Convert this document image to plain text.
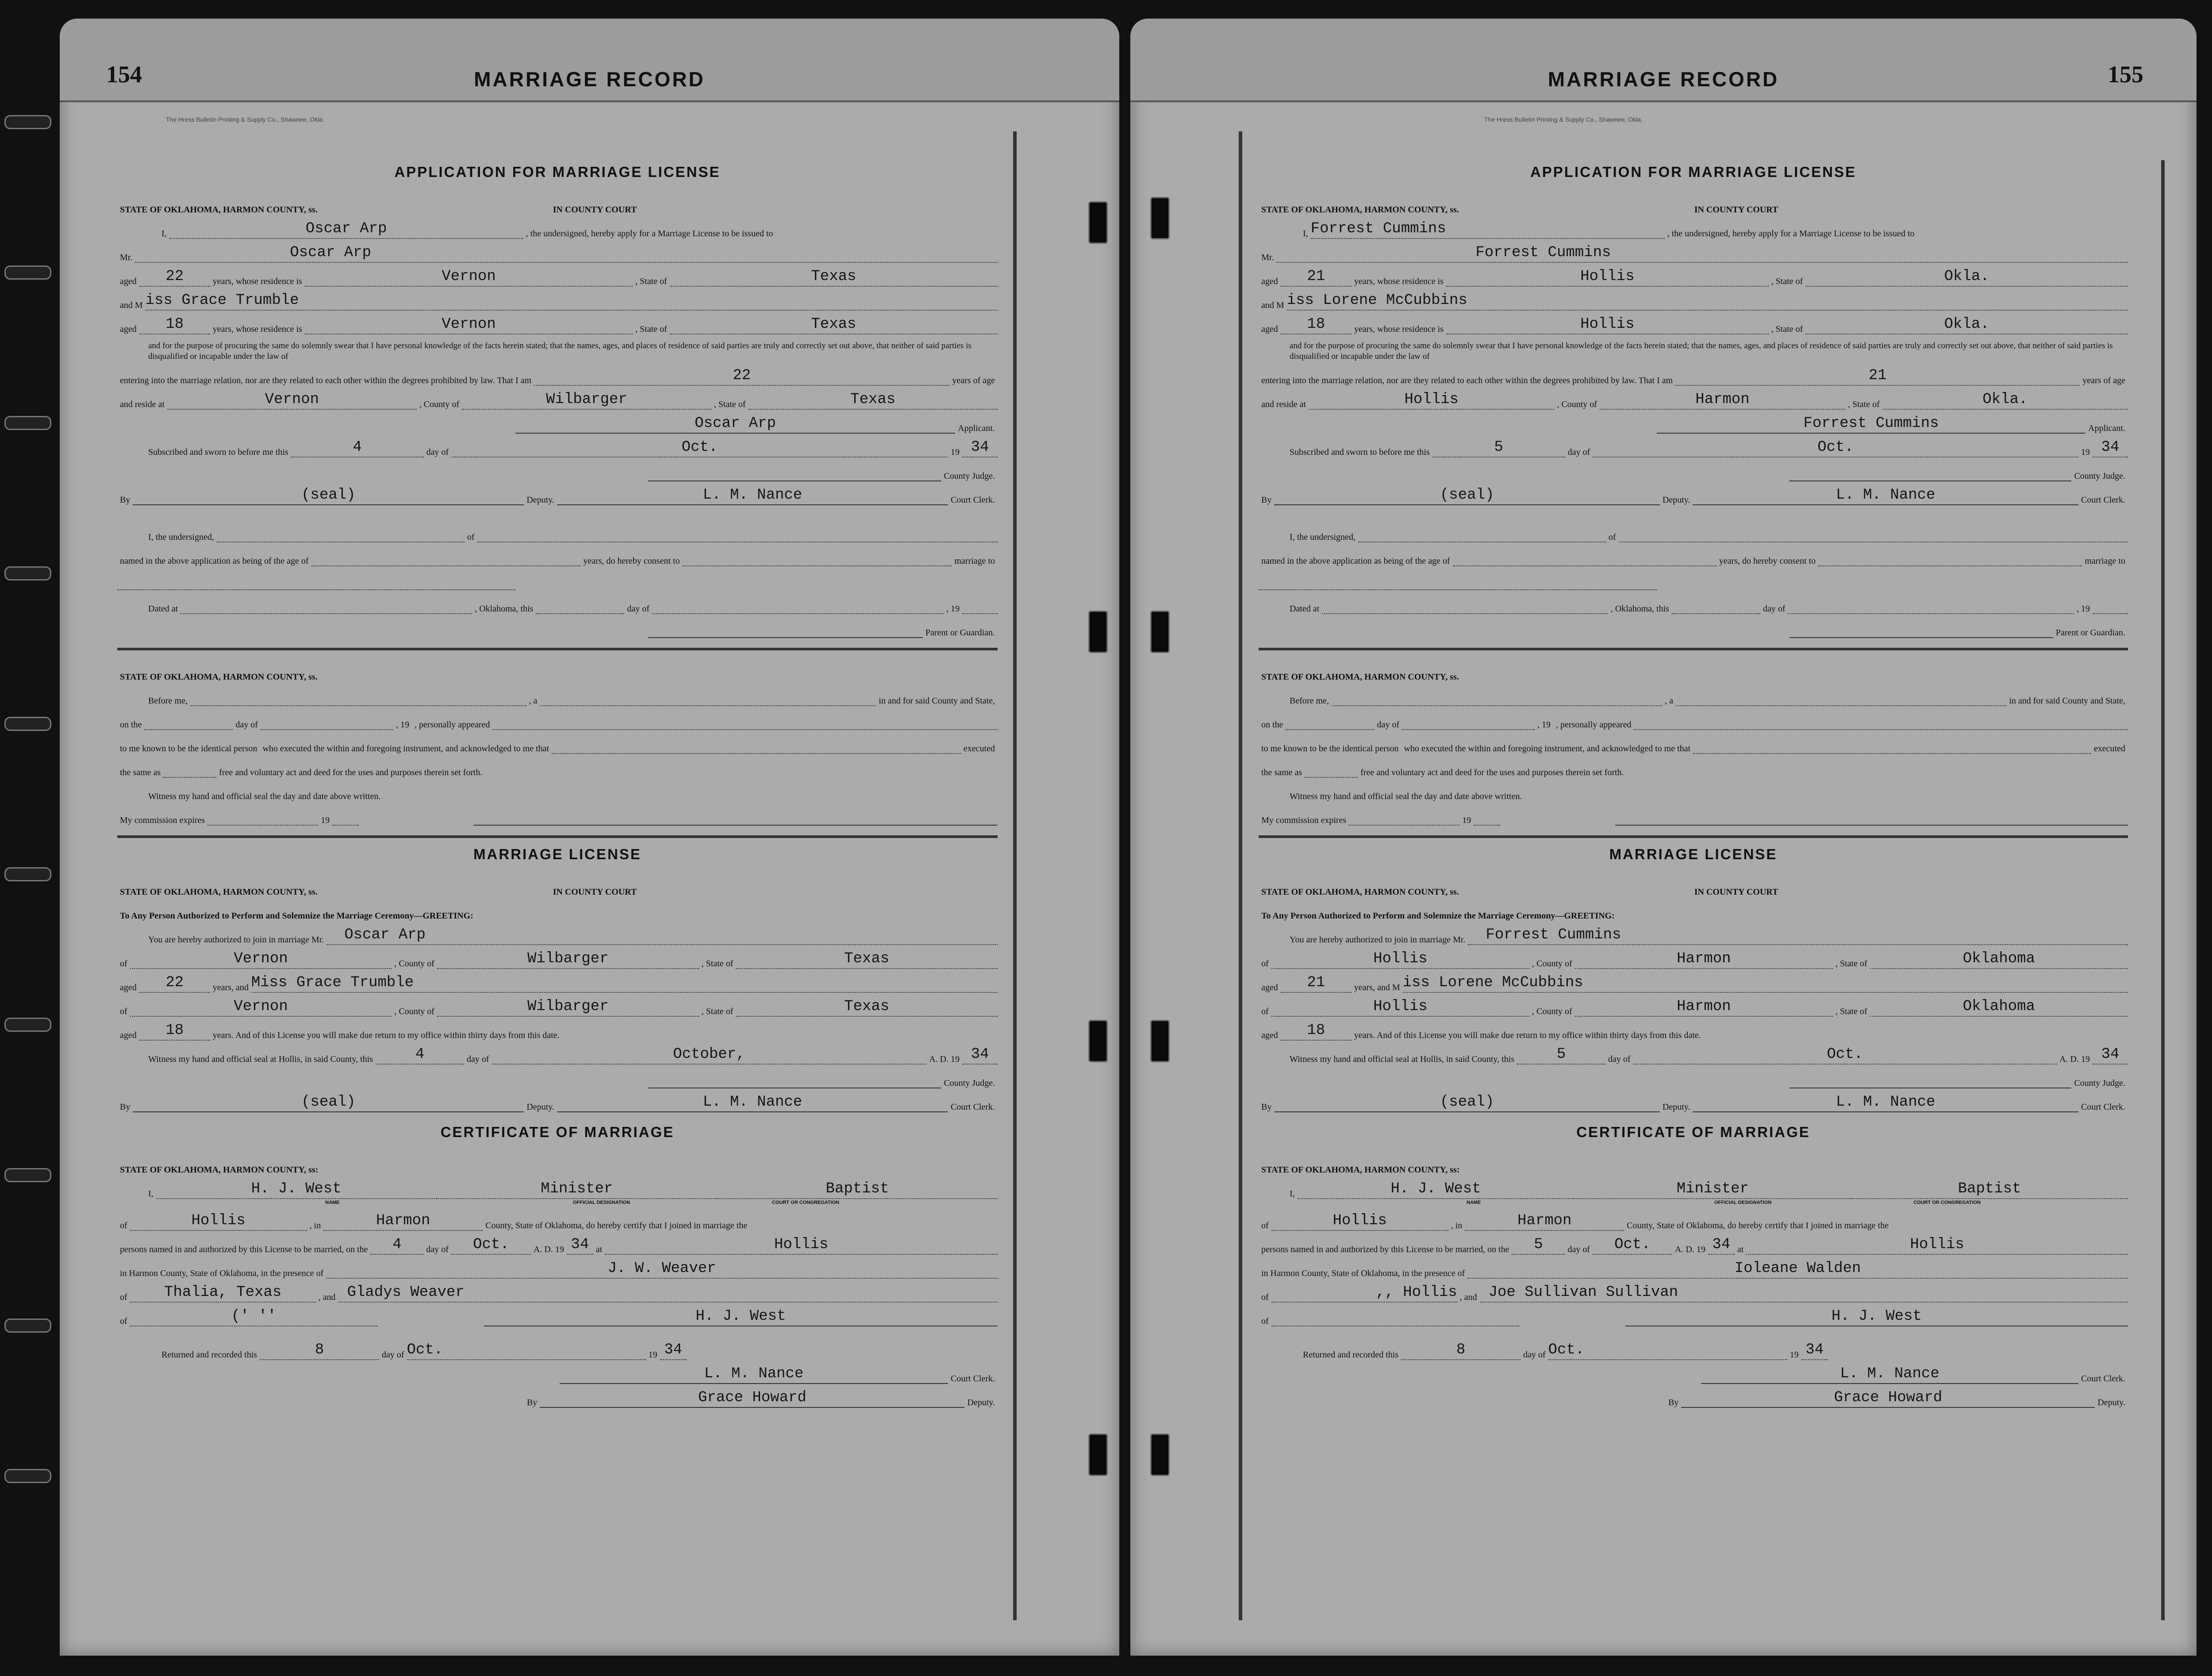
154	MARRIAGE RECORD
The Hress Bulletin Printing & Supply Co., Shawnee, Okla.
155
MARRIAGE RECORD
The Hress Bulletin Printing & Supply Co., Shawnee, Okla.
APPLICATION FOR MARRIAGE LICENSE
STATE OF OKLAHOMA, HARMON COUNTY, ss.	IN COUNTY COURT
I,	Oscar Arp	, the undersigned, hereby apply for a Marriage License to be issued to
Mr.	Oscar Arp
aged	22	years, whose residence is	Vernon	, State of	Texas
and M iss Grace Trumble
aged	18	years, whose residence is	Vernon	, State of	Texas
and for the purpose of procuring the same do solemnly swear that I have personal knowledge of the facts herein stated; that the names, ages, and places of residence of said parties are truly and correctly set out above, that neither of said parties is disqualified or incapable under the law of
entering into the marriage relation, nor are they related to each other within the degrees prohibited by law. That I am	22	years of age
and reside at	Vernon	, County of	Wilbarger	, State of	Texas
Oscar Arp	Applicant.
Subscribed and sworn to before me this	4	day of	Oct.	19 34
County Judge.
By	(seal)	Deputy.	L. M. Nance	Court Clerk.
I, the undersigned,	of
named in the above application as being of the age of	years, do hereby consent to	marriage to
Dated at	, Oklahoma, this	day of	, 19
Parent or Guardian.
STATE OF OKLAHOMA, HARMON COUNTY, ss.
Before me,	, a	in and for said County and State,
on the	day of	, 19 , personally appeared
to me known to be the identical person who executed the within and foregoing instrument, and acknowledged to me that	executed
the same as	free and voluntary act and deed for the uses and purposes therein set forth.
Witness my hand and official seal the day and date above written.
My commission expires	19
MARRIAGE LICENSE
STATE OF OKLAHOMA, HARMON COUNTY, ss.	IN COUNTY COURT
To Any Person Authorized to Perform and Solemnize the Marriage Ceremony—GREETING:
You are hereby authorized to join in marriage Mr.	Oscar Arp
of	Vernon	, County of	Wilbarger	, State of	Texas
aged	22	years, and Miss Grace Trumble
of	Vernon	, County of	Wilbarger	, State of	Texas
aged	18	years. And of this License you will make due return to my office within thirty days from this date.
Witness my hand and official seal at Hollis, in said County, this	4	day of	October,	A. D. 19 34
County Judge.
By	(seal)	Deputy.	L. M. Nance	Court Clerk.
CERTIFICATE OF MARRIAGE
STATE OF OKLAHOMA, HARMON COUNTY, ss:
I,	H. J. West	Minister	Baptist
NAME	OFFICIAL DESIGNATION	COURT OR CONGREGATION
of	Hollis	, in	Harmon	County, State of Oklahoma, do hereby certify that I joined in marriage the
persons named in and authorized by this License to be married, on the	4	day of	Oct.	A. D. 19 34 at	Hollis
in Harmon County, State of Oklahoma, in the presence of	J. W. Weaver
of	Thalia, Texas	, and Gladys Weaver
of	(' ''	H. J. West
Returned and recorded this	8	day of Oct.	19 34
L. M. Nance	Court Clerk.
By	Grace Howard	Deputy.
APPLICATION FOR MARRIAGE LICENSE
STATE OF OKLAHOMA, HARMON COUNTY, ss.	IN COUNTY COURT
I, Forrest Cummins	, the undersigned, hereby apply for a Marriage License to be issued to
Mr.	Forrest Cummins
aged	21	years, whose residence is	Hollis	, State of	Okla.
and M iss Lorene McCubbins
aged	18	years, whose residence is	Hollis	, State of	Okla.
and for the purpose of procuring the same do solemnly swear that I have personal knowledge of the facts herein stated; that the names, ages, and places of residence of said parties are truly and correctly set out above, that neither of said parties is disqualified or incapable under the law of
entering into the marriage relation, nor are they related to each other within the degrees prohibited by law. That I am	21	years of age
and reside at	Hollis	, County of	Harmon	, State of	Okla.
Forrest Cummins	Applicant.
Subscribed and sworn to before me this	5	day of	Oct.	19 34
County Judge.
By	(seal)	Deputy.	L. M. Nance	Court Clerk.
I, the undersigned,	of
named in the above application as being of the age of	years, do hereby consent to	marriage to
Dated at	, Oklahoma, this	day of	, 19
Parent or Guardian.
STATE OF OKLAHOMA, HARMON COUNTY, ss.
Before me,	, a	in and for said County and State,
on the	day of	, 19 , personally appeared
to me known to be the identical person who executed the within and foregoing instrument, and acknowledged to me that	executed
the same as	free and voluntary act and deed for the uses and purposes therein set forth.
Witness my hand and official seal the day and date above written.
My commission expires	19
MARRIAGE LICENSE
STATE OF OKLAHOMA, HARMON COUNTY, ss.	IN COUNTY COURT
To Any Person Authorized to Perform and Solemnize the Marriage Ceremony—GREETING:
You are hereby authorized to join in marriage Mr.	Forrest Cummins
of	Hollis	, County of	Harmon	, State of	Oklahoma
aged	21	years, and M iss Lorene McCubbins
of	Hollis	, County of	Harmon	, State of	Oklahoma
aged	18	years. And of this License you will make due return to my office within thirty days from this date.
Witness my hand and official seal at Hollis, in said County, this	5	day of	Oct.	A. D. 19 34
County Judge.
By	(seal)	Deputy.	L. M. Nance	Court Clerk.
CERTIFICATE OF MARRIAGE
STATE OF OKLAHOMA, HARMON COUNTY, ss:
I,	H. J. West	Minister	Baptist
NAME	OFFICIAL DESIGNATION	COURT OR CONGREGATION
of	Hollis	, in	Harmon	County, State of Oklahoma, do hereby certify that I joined in marriage the
persons named in and authorized by this License to be married, on the	5	day of	Oct.	A. D. 19 34 at	Hollis
in Harmon County, State of Oklahoma, in the presence of	Ioleane Walden
of	,, Hollis , and Joe Sullivan Sullivan
of	H. J. West
Returned and recorded this	8	day of Oct.	19 34
L. M. Nance	Court Clerk.
By	Grace Howard	Deputy.
